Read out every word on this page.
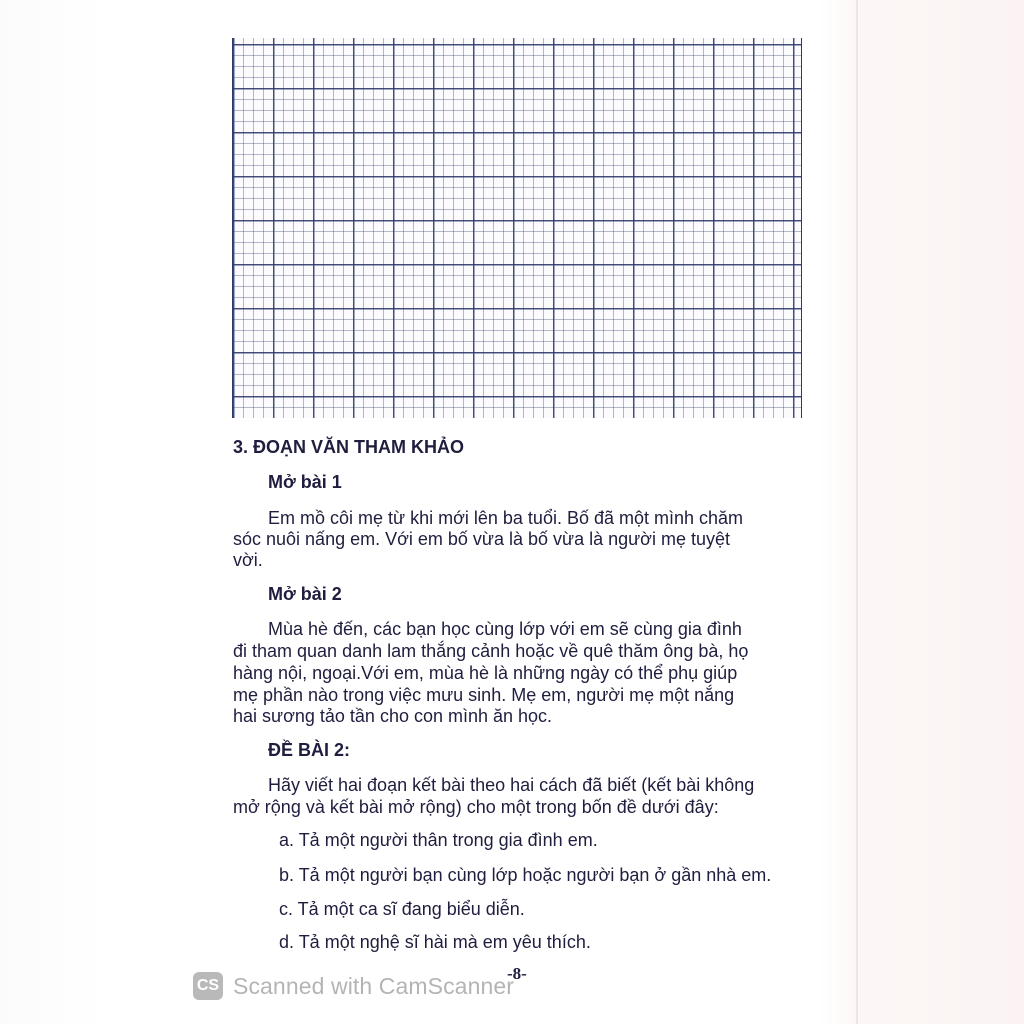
3. ĐOẠN VĂN THAM KHẢO
Mở bài 1
Em mồ côi mẹ từ khi mới lên ba tuổi. Bố đã một mình chăm
sóc nuôi nấng em. Với em bố vừa là bố vừa là người mẹ tuyệt
vời.
Mở bài 2
Mùa hè đến, các bạn học cùng lớp với em sẽ cùng gia đình
đi tham quan danh lam thắng cảnh hoặc về quê thăm ông bà, họ
hàng nội, ngoại.Với em, mùa hè là những ngày có thể phụ giúp
mẹ phần nào trong việc mưu sinh. Mẹ em, người mẹ một nắng
hai sương tảo tần cho con mình ăn học.
ĐỀ BÀI 2:
Hãy viết hai đoạn kết bài theo hai cách đã biết (kết bài không
mở rộng và kết bài mở rộng) cho một trong bốn đề dưới đây:
a. Tả một người thân trong gia đình em.
b. Tả một người bạn cùng lớp hoặc người bạn ở gần nhà em.
c. Tả một ca sĩ đang biểu diễn.
d. Tả một nghệ sĩ hài mà em yêu thích.
-8-
CS Scanned with CamScanner
